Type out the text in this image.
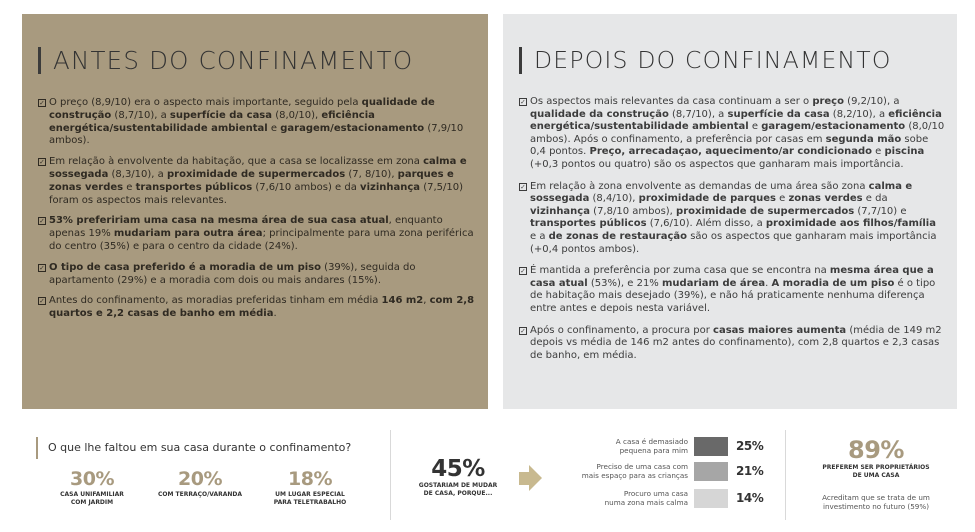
ANTES DO CONFINAMENTO
✓ O preço (8,9/10) era o aspecto mais importante, seguido pela qualidade de construção (8,7/10), a superfície da casa (8,0/10), eficiência energética/sustentabilidade ambiental e garagem/estacionamento (7,9/10 ambos).
✓ Em relação à envolvente da habitação, que a casa se localizasse em zona calma e sossegada (8,3/10), a proximidade de supermercados (7, 8/10), parques e zonas verdes e transportes públicos (7,6/10 ambos) e da vizinhança (7,5/10) foram os aspectos mais relevantes.
✓ 53% prefeririam uma casa na mesma área de sua casa atual, enquanto apenas 19% mudariam para outra área; principalmente para uma zona periférica do centro (35%) e para o centro da cidade (24%).
✓ O tipo de casa preferido é a moradia de um piso (39%), seguida do apartamento (29%) e a moradia com dois ou mais andares (15%).
✓ Antes do confinamento, as moradias preferidas tinham em média 146 m2, com 2,8 quartos e 2,2 casas de banho em média.
DEPOIS DO CONFINAMENTO
✓ Os aspectos mais relevantes da casa continuam a ser o preço (9,2/10), a qualidade da construção (8,7/10), a superfície da casa (8,2/10), a eficiência energética/sustentabilidade ambiental e garagem/estacionamento (8,0/10 ambos). Após o confinamento, a preferência por casas em segunda mão sobe 0,4 pontos. Preço, arrecadaçao, aquecimento/ar condicionado e piscina (+0,3 pontos ou quatro) são os aspectos que ganharam mais importância.
✓ Em relação à zona envolvente as demandas de uma área são zona calma e sossegada (8,4/10), proximidade de parques e zonas verdes e da vizinhança (7,8/10 ambos), proximidade de supermercados (7,7/10) e transportes públicos (7,6/10). Além disso, a proximidade aos filhos/família e a de zonas de restauração são os aspectos que ganharam mais importância (+0,4 pontos ambos).
✓ É mantida a preferência por zuma casa que se encontra na mesma área que a casa atual (53%), e 21% mudariam de área. A moradia de um piso é o tipo de habitação mais desejado (39%), e não há praticamente nenhuma diferença entre antes e depois nesta variável.
✓ Após o confinamento, a procura por casas maiores aumenta (média de 149 m2 depois vs média de 146 m2 antes do confinamento), com 2,8 quartos e 2,3 casas de banho, em média.
O que lhe faltou em sua casa durante o confinamento?
30%
CASA UNIFAMILIAR
COM JARDIM
20%
COM TERRAÇO/VARANDA
18%
UM LUGAR ESPECIAL
PARA TELETRABALHO
45%
GOSTARIAM DE MUDAR
DE CASA, PORQUE...
A casa é demasiado
pequena para mim	25%
Preciso de uma casa com
mais espaço para as crianças	21%
Procuro uma casa
numa zona mais calma	14%
89%
PREFEREM SER PROPRIETÁRIOS
DE UMA CASA
Acreditam que se trata de um
investimento no futuro (59%)
